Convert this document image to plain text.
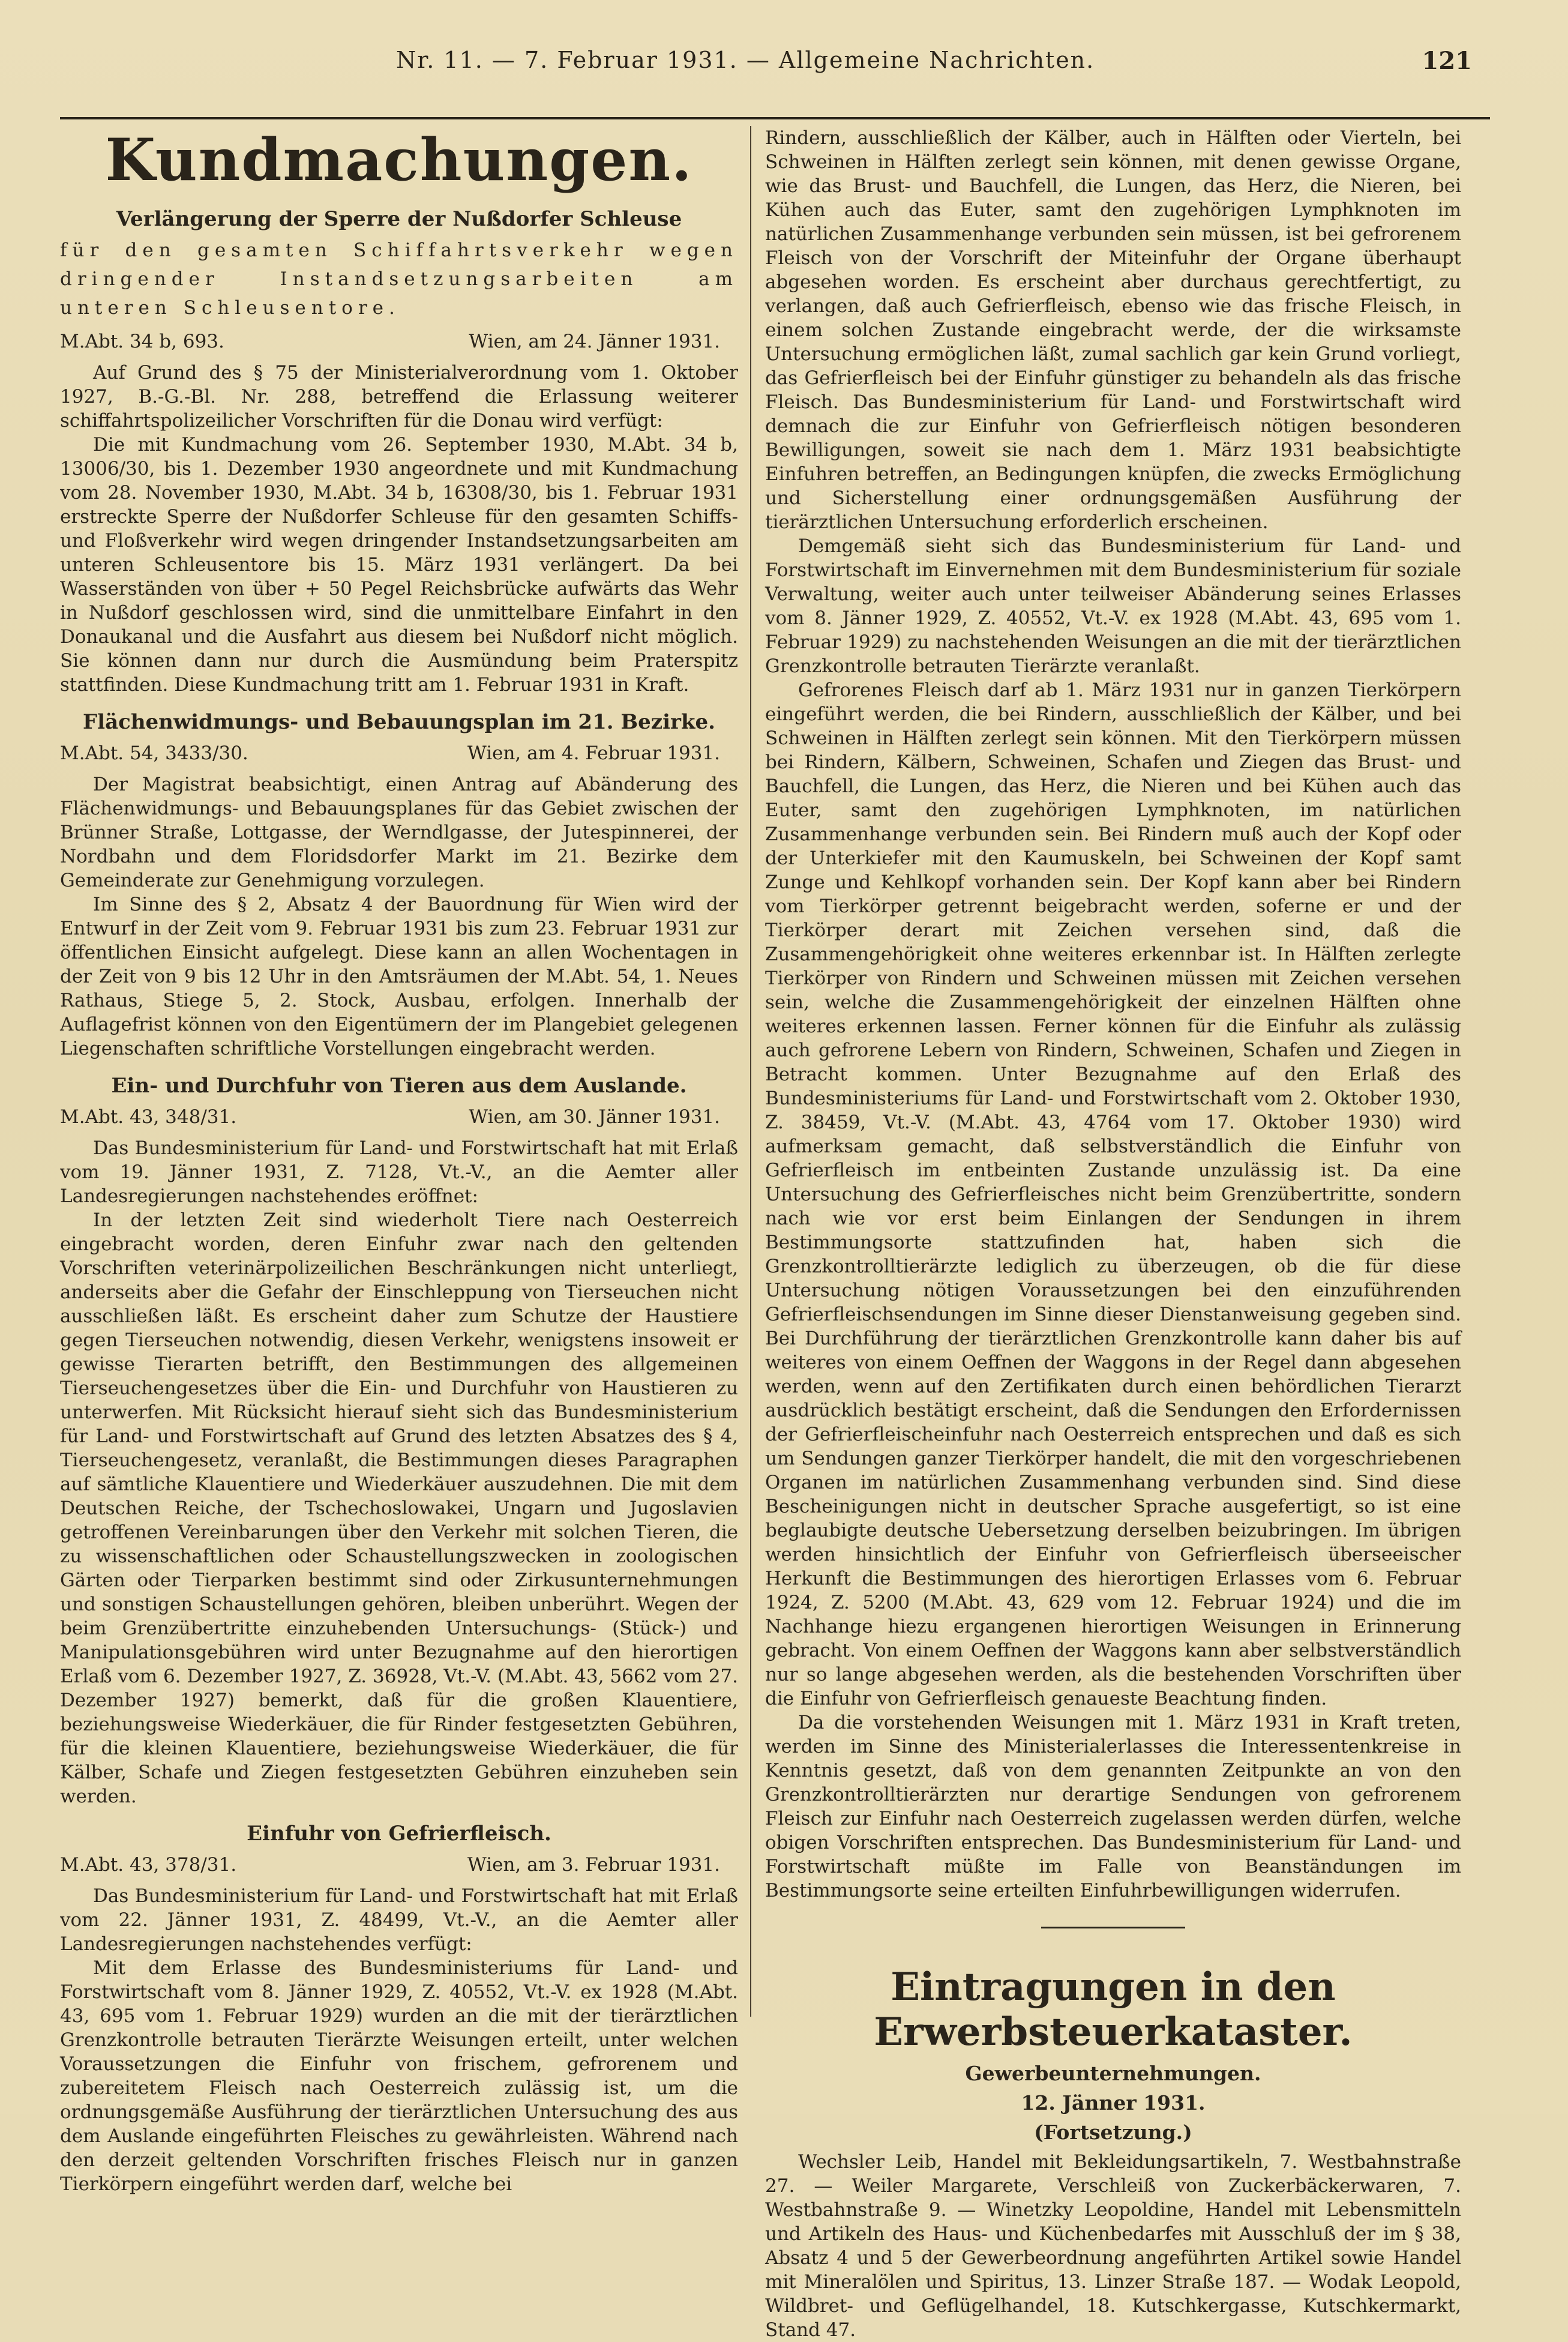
Nr. 11. — 7. Februar 1931. — Allgemeine Nachrichten.	121
Kundmachungen.
Verlängerung der Sperre der Nußdorfer Schleuse

für den gesamten Schiffahrtsverkehr wegen dringender Instandsetzungsarbeiten am unteren Schleusentore.

M.Abt. 34 b, 693.	Wien, am 24. Jänner 1931.

Auf Grund des § 75 der Ministerialverordnung vom 1. Oktober 1927, B.-G.-Bl. Nr. 288, betreffend die Erlassung weiterer schiffahrtspolizeilicher Vorschriften für die Donau wird verfügt:

Die mit Kundmachung vom 26. September 1930, M.Abt. 34 b, 13006/30, bis 1. Dezember 1930 angeordnete und mit Kundmachung vom 28. November 1930, M.Abt. 34 b, 16308/30, bis 1. Februar 1931 erstreckte Sperre der Nußdorfer Schleuse für den gesamten Schiffs- und Floßverkehr wird wegen dringender Instandsetzungsarbeiten am unteren Schleusentore bis 15. März 1931 verlängert. Da bei Wasserständen von über + 50 Pegel Reichsbrücke aufwärts das Wehr in Nußdorf geschlossen wird, sind die unmittelbare Einfahrt in den Donaukanal und die Ausfahrt aus diesem bei Nußdorf nicht möglich. Sie können dann nur durch die Ausmündung beim Praterspitz stattfinden. Diese Kundmachung tritt am 1. Februar 1931 in Kraft.

Flächenwidmungs- und Bebauungsplan im 21. Bezirke.
M.Abt. 54, 3433/30.	Wien, am 4. Februar 1931.

Der Magistrat beabsichtigt, einen Antrag auf Abänderung des Flächenwidmungs- und Bebauungsplanes für das Gebiet zwischen der Brünner Straße, Lottgasse, der Werndlgasse, der Jutespinnerei, der Nordbahn und dem Floridsdorfer Markt im 21. Bezirke dem Gemeinderate zur Genehmigung vorzulegen.

Im Sinne des § 2, Absatz 4 der Bauordnung für Wien wird der Entwurf in der Zeit vom 9. Februar 1931 bis zum 23. Februar 1931 zur öffentlichen Einsicht aufgelegt. Diese kann an allen Wochentagen in der Zeit von 9 bis 12 Uhr in den Amtsräumen der M.Abt. 54, 1. Neues Rathaus, Stiege 5, 2. Stock, Ausbau, erfolgen. Innerhalb der Auflagefrist können von den Eigentümern der im Plangebiet gelegenen Liegenschaften schriftliche Vorstellungen eingebracht werden.

Ein- und Durchfuhr von Tieren aus dem Auslande.
M.Abt. 43, 348/31.	Wien, am 30. Jänner 1931.

Das Bundesministerium für Land- und Forstwirtschaft hat mit Erlaß vom 19. Jänner 1931, Z. 7128, Vt.-V., an die Aemter aller Landesregierungen nachstehendes eröffnet:

In der letzten Zeit sind wiederholt Tiere nach Oesterreich eingebracht worden, deren Einfuhr zwar nach den geltenden Vorschriften veterinärpolizeilichen Beschränkungen nicht unterliegt, anderseits aber die Gefahr der Einschleppung von Tierseuchen nicht ausschließen läßt. Es erscheint daher zum Schutze der Haustiere gegen Tierseuchen notwendig, diesen Verkehr, wenigstens insoweit er gewisse Tierarten betrifft, den Bestimmungen des allgemeinen Tierseuchengesetzes über die Ein- und Durchfuhr von Haustieren zu unterwerfen. Mit Rücksicht hierauf sieht sich das Bundesministerium für Land- und Forstwirtschaft auf Grund des letzten Absatzes des § 4, Tierseuchengesetz, veranlaßt, die Bestimmungen dieses Paragraphen auf sämtliche Klauentiere und Wiederkäuer auszudehnen. Die mit dem Deutschen Reiche, der Tschechoslowakei, Ungarn und Jugoslavien getroffenen Vereinbarungen über den Verkehr mit solchen Tieren, die zu wissenschaftlichen oder Schaustellungszwecken in zoologischen Gärten oder Tierparken bestimmt sind oder Zirkusunternehmungen und sonstigen Schaustellungen gehören, bleiben unberührt. Wegen der beim Grenzübertritte einzuhebenden Untersuchungs- (Stück-) und Manipulationsgebühren wird unter Bezugnahme auf den hierortigen Erlaß vom 6. Dezember 1927, Z. 36928, Vt.-V. (M.Abt. 43, 5662 vom 27. Dezember 1927) bemerkt, daß für die großen Klauentiere, beziehungsweise Wiederkäuer, die für Rinder festgesetzten Gebühren, für die kleinen Klauentiere, beziehungsweise Wiederkäuer, die für Kälber, Schafe und Ziegen festgesetzten Gebühren einzuheben sein werden.

Einfuhr von Gefrierfleisch.
M.Abt. 43, 378/31.	Wien, am 3. Februar 1931.

Das Bundesministerium für Land- und Forstwirtschaft hat mit Erlaß vom 22. Jänner 1931, Z. 48499, Vt.-V., an die Aemter aller Landesregierungen nachstehendes verfügt:

Mit dem Erlasse des Bundesministeriums für Land- und Forstwirtschaft vom 8. Jänner 1929, Z. 40552, Vt.-V. ex 1928 (M.Abt. 43, 695 vom 1. Februar 1929) wurden an die mit der tierärztlichen Grenzkontrolle betrauten Tierärzte Weisungen erteilt, unter welchen Voraussetzungen die Einfuhr von frischem, gefrorenem und zubereitetem Fleisch nach Oesterreich zulässig ist, um die ordnungsgemäße Ausführung der tierärztlichen Untersuchung des aus dem Auslande eingeführten Fleisches zu gewährleisten. Während nach den derzeit geltenden Vorschriften frisches Fleisch nur in ganzen Tierkörpern eingeführt werden darf, welche bei

Rindern, ausschließlich der Kälber, auch in Hälften oder Vierteln, bei Schweinen in Hälften zerlegt sein können, mit denen gewisse Organe, wie das Brust- und Bauchfell, die Lungen, das Herz, die Nieren, bei Kühen auch das Euter, samt den zugehörigen Lymphknoten im natürlichen Zusammenhange verbunden sein müssen, ist bei gefrorenem Fleisch von der Vorschrift der Miteinfuhr der Organe überhaupt abgesehen worden. Es erscheint aber durchaus gerechtfertigt, zu verlangen, daß auch Gefrierfleisch, ebenso wie das frische Fleisch, in einem solchen Zustande eingebracht werde, der die wirksamste Untersuchung ermöglichen läßt, zumal sachlich gar kein Grund vorliegt, das Gefrierfleisch bei der Einfuhr günstiger zu behandeln als das frische Fleisch. Das Bundesministerium für Land- und Forstwirtschaft wird demnach die zur Einfuhr von Gefrierfleisch nötigen besonderen Bewilligungen, soweit sie nach dem 1. März 1931 beabsichtigte Einfuhren betreffen, an Bedingungen knüpfen, die zwecks Ermöglichung und Sicherstellung einer ordnungsgemäßen Ausführung der tierärztlichen Untersuchung erforderlich erscheinen.

Demgemäß sieht sich das Bundesministerium für Land- und Forstwirtschaft im Einvernehmen mit dem Bundesministerium für soziale Verwaltung, weiter auch unter teilweiser Abänderung seines Erlasses vom 8. Jänner 1929, Z. 40552, Vt.-V. ex 1928 (M.Abt. 43, 695 vom 1. Februar 1929) zu nachstehenden Weisungen an die mit der tierärztlichen Grenzkontrolle betrauten Tierärzte veranlaßt.

Gefrorenes Fleisch darf ab 1. März 1931 nur in ganzen Tierkörpern eingeführt werden, die bei Rindern, ausschließlich der Kälber, und bei Schweinen in Hälften zerlegt sein können. Mit den Tierkörpern müssen bei Rindern, Kälbern, Schweinen, Schafen und Ziegen das Brust- und Bauchfell, die Lungen, das Herz, die Nieren und bei Kühen auch das Euter, samt den zugehörigen Lymphknoten, im natürlichen Zusammenhange verbunden sein. Bei Rindern muß auch der Kopf oder der Unterkiefer mit den Kaumuskeln, bei Schweinen der Kopf samt Zunge und Kehlkopf vorhanden sein. Der Kopf kann aber bei Rindern vom Tierkörper getrennt beigebracht werden, soferne er und der Tierkörper derart mit Zeichen versehen sind, daß die Zusammengehörigkeit ohne weiteres erkennbar ist. In Hälften zerlegte Tierkörper von Rindern und Schweinen müssen mit Zeichen versehen sein, welche die Zusammengehörigkeit der einzelnen Hälften ohne weiteres erkennen lassen. Ferner können für die Einfuhr als zulässig auch gefrorene Lebern von Rindern, Schweinen, Schafen und Ziegen in Betracht kommen. Unter Bezugnahme auf den Erlaß des Bundesministeriums für Land- und Forstwirtschaft vom 2. Oktober 1930, Z. 38459, Vt.-V. (M.Abt. 43, 4764 vom 17. Oktober 1930) wird aufmerksam gemacht, daß selbstverständlich die Einfuhr von Gefrierfleisch im entbeinten Zustande unzulässig ist. Da eine Untersuchung des Gefrierfleisches nicht beim Grenzübertritte, sondern nach wie vor erst beim Einlangen der Sendungen in ihrem Bestimmungsorte stattzufinden hat, haben sich die Grenzkontrolltierärzte lediglich zu überzeugen, ob die für diese Untersuchung nötigen Voraussetzungen bei den einzuführenden Gefrierfleischsendungen im Sinne dieser Dienstanweisung gegeben sind. Bei Durchführung der tierärztlichen Grenzkontrolle kann daher bis auf weiteres von einem Oeffnen der Waggons in der Regel dann abgesehen werden, wenn auf den Zertifikaten durch einen behördlichen Tierarzt ausdrücklich bestätigt erscheint, daß die Sendungen den Erfordernissen der Gefrierfleischeinfuhr nach Oesterreich entsprechen und daß es sich um Sendungen ganzer Tierkörper handelt, die mit den vorgeschriebenen Organen im natürlichen Zusammenhang verbunden sind. Sind diese Bescheinigungen nicht in deutscher Sprache ausgefertigt, so ist eine beglaubigte deutsche Uebersetzung derselben beizubringen. Im übrigen werden hinsichtlich der Einfuhr von Gefrierfleisch überseeischer Herkunft die Bestimmungen des hierortigen Erlasses vom 6. Februar 1924, Z. 5200 (M.Abt. 43, 629 vom 12. Februar 1924) und die im Nachhange hiezu ergangenen hierortigen Weisungen in Erinnerung gebracht. Von einem Oeffnen der Waggons kann aber selbstverständlich nur so lange abgesehen werden, als die bestehenden Vorschriften über die Einfuhr von Gefrierfleisch genaueste Beachtung finden.

Da die vorstehenden Weisungen mit 1. März 1931 in Kraft treten, werden im Sinne des Ministerialerlasses die Interessentenkreise in Kenntnis gesetzt, daß von dem genannten Zeitpunkte an von den Grenzkontrolltierärzten nur derartige Sendungen von gefrorenem Fleisch zur Einfuhr nach Oesterreich zugelassen werden dürfen, welche obigen Vorschriften entsprechen. Das Bundesministerium für Land- und Forstwirtschaft müßte im Falle von Beanständungen im Bestimmungsorte seine erteilten Einfuhrbewilligungen widerrufen.

Eintragungen in den Erwerbsteuerkataster.
Gewerbeunternehmungen.
12. Jänner 1931.
(Fortsetzung.)

Wechsler Leib, Handel mit Bekleidungsartikeln, 7. Westbahnstraße 27. — Weiler Margarete, Verschleiß von Zuckerbäckerwaren, 7. Westbahnstraße 9. — Winetzky Leopoldine, Handel mit Lebensmitteln und Artikeln des Haus- und Küchenbedarfes mit Ausschluß der im § 38, Absatz 4 und 5 der Gewerbeordnung angeführten Artikel sowie Handel mit Mineralölen und Spiritus, 13. Linzer Straße 187. — Wodak Leopold, Wildbret- und Geflügelhandel, 18. Kutschkergasse, Kutschkermarkt, Stand 47.
